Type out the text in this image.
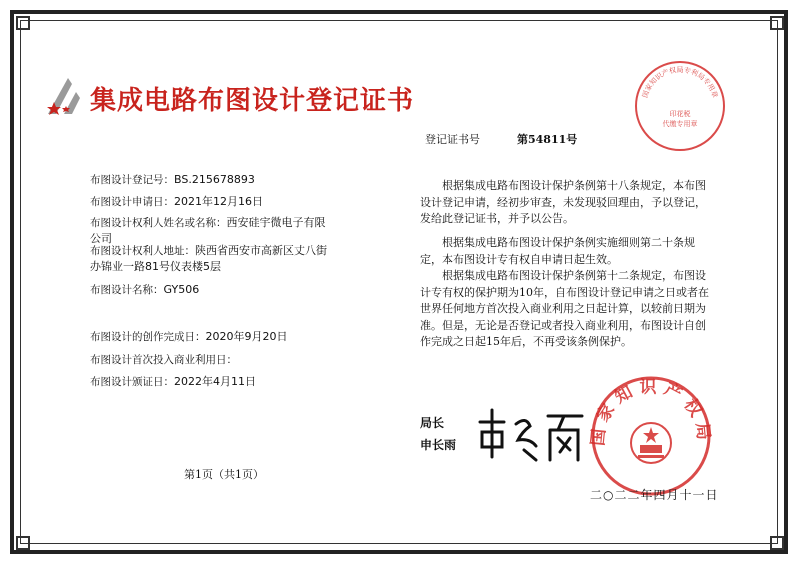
集成电路布图设计登记证书
登记证书号	第54811号
布图设计登记号：BS.215678893
布图设计申请日：2021年12月16日
布图设计权利人姓名或名称：西安硅宇微电子有限
公司
布图设计权利人地址：陕西省西安市高新区丈八街
办锦业一路81号仪表楼5层
布图设计名称：GY506
布图设计的创作完成日：2020年9月20日
布图设计首次投入商业利用日：
布图设计颁证日：2022年4月11日
根据集成电路布图设计保护条例第十八条规定，本布图设计登记申请，经初步审查，未发现驳回理由，予以登记，发给此登记证书，并予以公告。
根据集成电路布图设计保护条例实施细则第二十条规定，本布图设计专有权自申请日起生效。
根据集成电路布图设计保护条例第十二条规定，布图设计专有权的保护期为10年，自布图设计登记申请之日或者在世界任何地方首次投入商业利用之日起计算，以较前日期为准。但是，无论是否登记或者投入商业利用，布图设计自创作完成之日起15年后，不再受该条例保护。
国家知识产权局专利局专用章
印花税
代缴专用章
局长
申长雨	国家知识产权局
第1页（共1页）
二○二二年四月十一日
